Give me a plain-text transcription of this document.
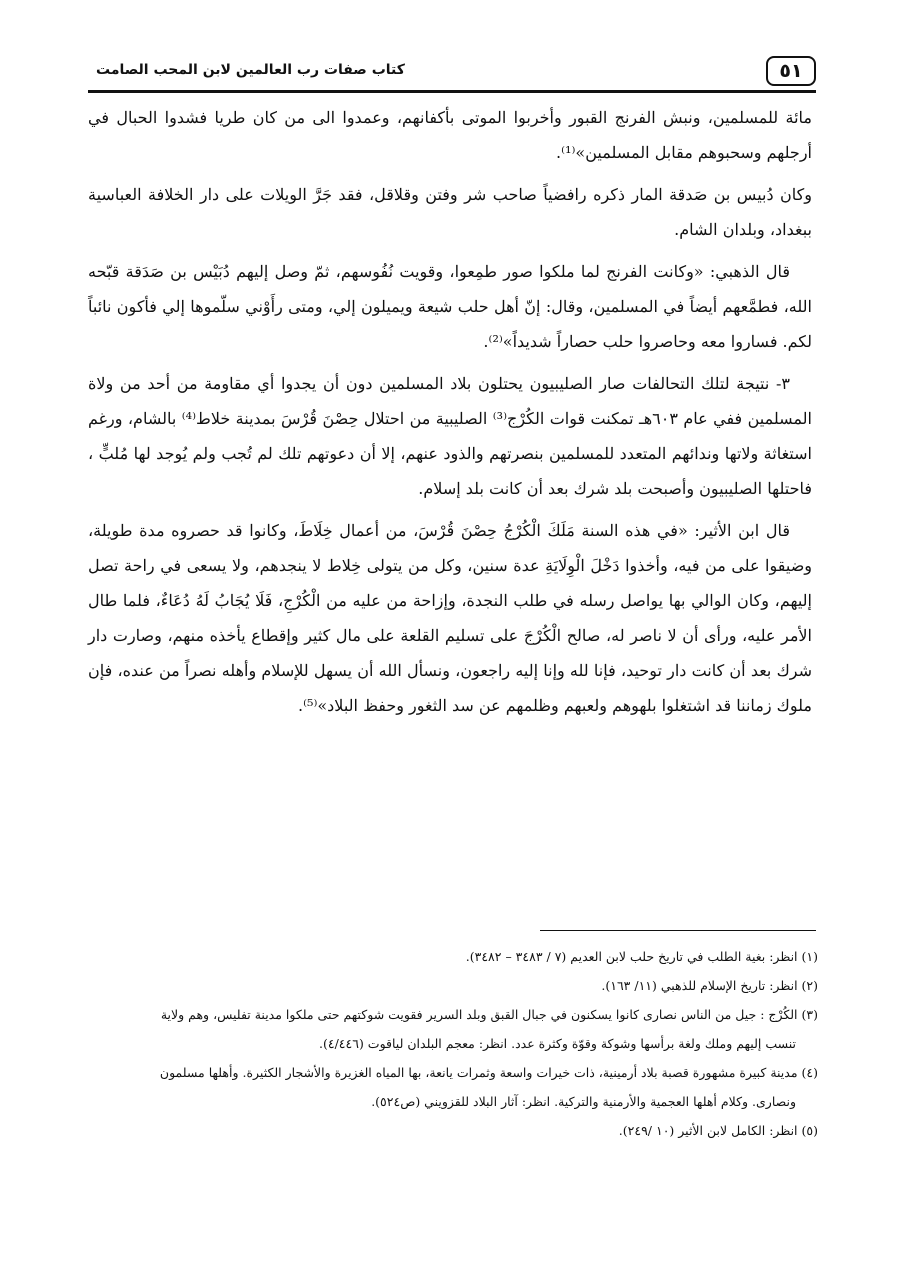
٥١
كتاب صفات رب العالمين لابن المحب الصامت

مائة للمسلمين، ونبش الفرنج القبور وأخربوا الموتى بأكفانهم، وعمدوا الى من كان طريا فشدوا الحبال في أرجلهم وسحبوهم مقابل المسلمين»⁽¹⁾.

وكان دُبيس بن صَدقة المار ذكره رافضياً صاحب شر وفتن وقلاقل، فقد جَرَّ الويلات على دار الخلافة العباسية ببغداد، وبلدان الشام.

قال الذهبي: «وكانت الفرنج لما ملكوا صور طمِعوا، وقويت نُفُوسهم، ثمّ وصل إليهم دُبَيْس بن صَدَقة قبّحه الله، فطمَّعهم أيضاً في المسلمين، وقال: إنّ أهل حلب شيعة ويميلون إلي، ومتى رأَوْني سلّموها إلي فأكون نائباً لكم. فساروا معه وحاصروا حلب حصاراً شديداً»⁽²⁾.

٣- نتيجة لتلك التحالفات صار الصليبيون يحتلون بلاد المسلمين دون أن يجدوا أي مقاومة من أحد من ولاة المسلمين ففي عام ٦٠٣هـ تمكنت قوات الكُرْج⁽³⁾ الصليبية من احتلال حِصْنَ قُرْسَ بمدينة خلاط⁽⁴⁾ بالشام، ورغم استغاثة ولاتها وندائهم المتعدد للمسلمين بنصرتهم والذود عنهم، إلا أن دعوتهم تلك لم تُجب ولم يُوجد لها مُلبٍّ ، فاحتلها الصليبيون وأصبحت بلد شرك بعد أن كانت بلد إسلام.

قال ابن الأثير: «في هذه السنة مَلَكَ الْكُرْجُ حِصْنَ قُرْسَ، من أعمال خِلَاطَ، وكانوا قد حصروه مدة طويلة، وضيقوا على من فيه، وأخذوا دَخْلَ الْوِلَايَةِ عدة سنين، وكل من يتولى خِلاط لا ينجدهم، ولا يسعى في راحة تصل إليهم، وكان الوالي بها يواصل رسله في طلب النجدة، وإزاحة من عليه من الْكُرْجِ، فَلَا يُجَابُ لَهُ دُعَاءٌ، فلما طال الأمر عليه، ورأى أن لا ناصر له، صالح الْكُرْجَ على تسليم القلعة على مال كثير وإقطاع يأخذه منهم، وصارت دار شرك بعد أن كانت دار توحيد، فإنا لله وإنا إليه راجعون، ونسأل الله أن يسهل للإسلام وأهله نصراً من عنده، فإن ملوك زماننا قد اشتغلوا بلهوهم ولعبهم وظلمهم عن سد الثغور وحفظ البلاد»⁽⁵⁾.

(١) انظر: بغية الطلب في تاريخ حلب لابن العديم (٧ / ٣٤٨٣ – ٣٤٨٢).

(٢) انظر: تاريخ الإسلام للذهبي (١١/ ١٦٣).

(٣) الكُرْج : جيل من الناس نصارى كانوا يسكنون في جبال القبق وبلد السرير فقويت شوكتهم حتى ملكوا مدينة تفليس، وهم ولاية

تنسب إليهم وملك ولغة برأسها وشوكة وقوّة وكثرة عدد. انظر: معجم البلدان لياقوت (٤/٤٤٦).

(٤) مدينة كبيرة مشهورة قصبة بلاد أرمينية، ذات خيرات واسعة وثمرات يانعة، بها المياه الغزيرة والأشجار الكثيرة. وأهلها مسلمون

ونصارى. وكلام أهلها العجمية والأرمنية والتركية. انظر: آثار البلاد للقزويني (ص٥٢٤).

(٥) انظر: الكامل لابن الأثير (١٠ /٢٤٩).
